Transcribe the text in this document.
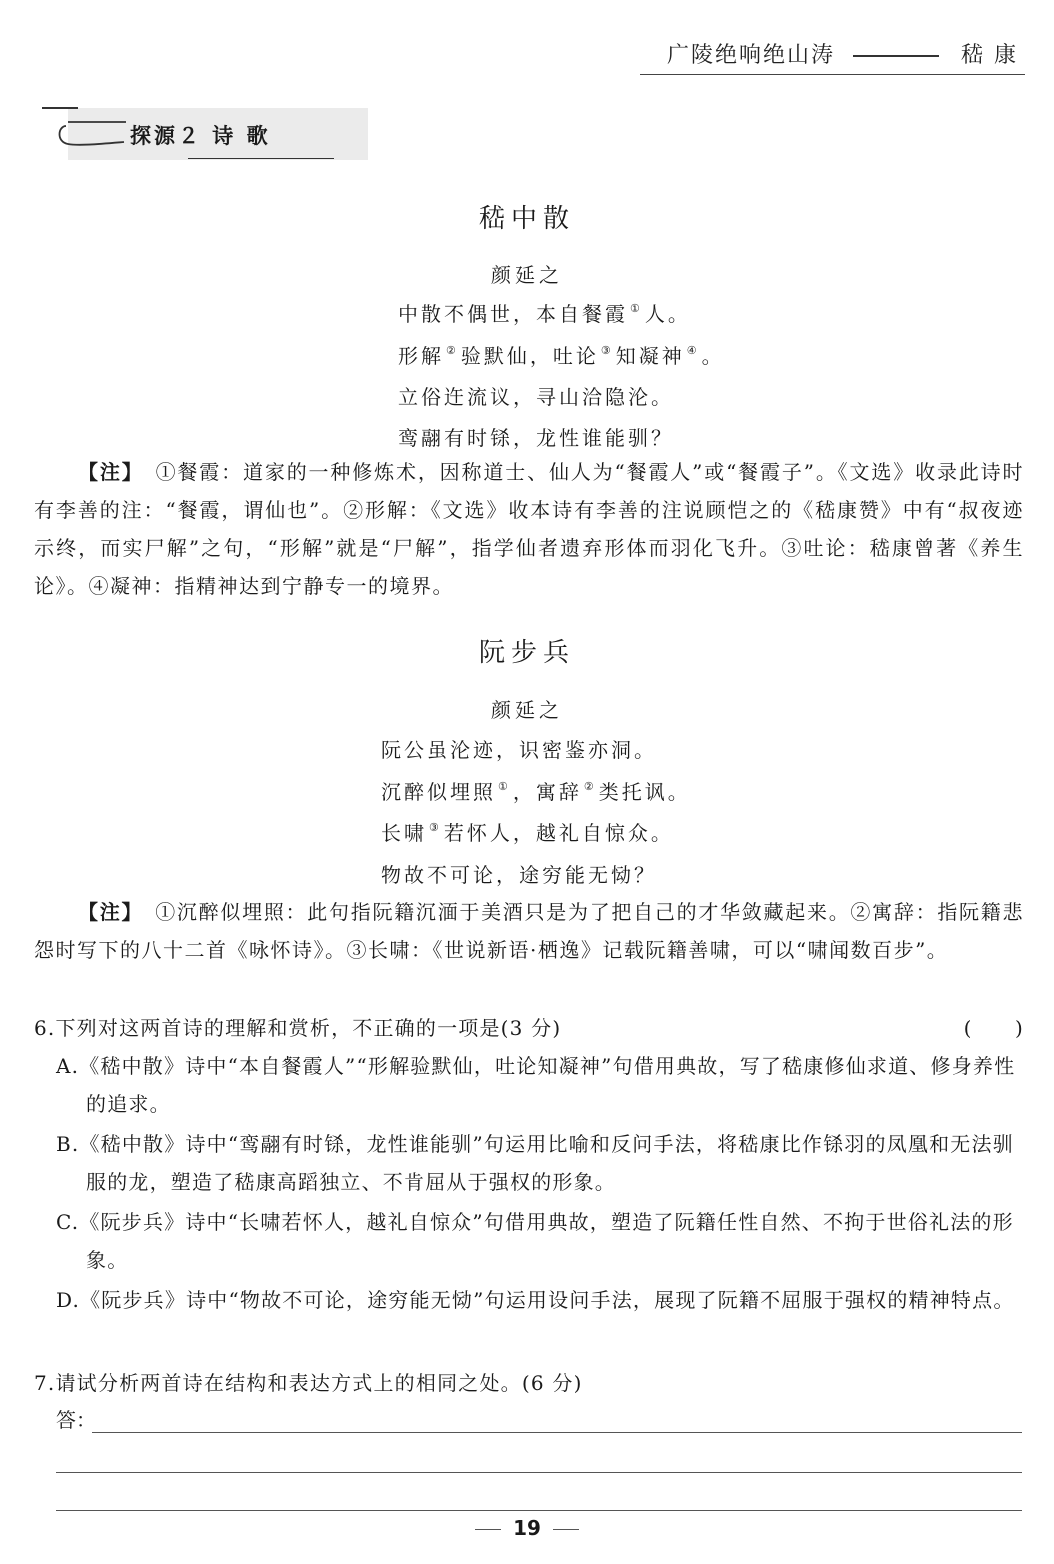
广陵绝响绝山涛	嵇 康
探源２ 诗 歌
嵇中散
颜延之
中散不偶世，本自餐霞 ① 人。
形解 ② 验默仙，吐论 ③ 知凝神 ④ 。
立俗迕流议，寻山洽隐沦。
鸾翮有时铩，龙性谁能驯？
【注】 ①餐霞：道家的一种修炼术，因称道士、仙人为“餐霞人”或“餐霞子”。《文选》收录此诗时有李善的注：“餐霞，谓仙也”。②形解：《文选》收本诗有李善的注说顾恺之的《嵇康赞》中有“叔夜迹示终，而实尸解”之句，“形解”就是“尸解”，指学仙者遗弃形体而羽化飞升。③吐论：嵇康曾著《养生论》。④凝神：指精神达到宁静专一的境界。
阮步兵
颜延之
阮公虽沦迹，识密鉴亦洞。
沉醉似埋照 ① ，寓辞 ② 类托讽。
长啸 ③ 若怀人，越礼自惊众。
物故不可论，途穷能无恸？
【注】 ①沉醉似埋照：此句指阮籍沉湎于美酒只是为了把自己的才华敛藏起来。②寓辞：指阮籍悲怨时写下的八十二首《咏怀诗》。③长啸：《世说新语·栖逸》记载阮籍善啸，可以“啸闻数百步”。
6.下列对这两首诗的理解和赏析，不正确的一项是(3 分)	(　　)
A.《嵇中散》诗中“本自餐霞人”“形解验默仙，吐论知凝神”句借用典故，写了嵇康修仙求道、修身养性的追求。
B.《嵇中散》诗中“鸾翮有时铩，龙性谁能驯”句运用比喻和反问手法，将嵇康比作铩羽的凤凰和无法驯服的龙，塑造了嵇康高蹈独立、不肯屈从于强权的形象。
C.《阮步兵》诗中“长啸若怀人，越礼自惊众”句借用典故，塑造了阮籍任性自然、不拘于世俗礼法的形象。
D.《阮步兵》诗中“物故不可论，途穷能无恸”句运用设问手法，展现了阮籍不屈服于强权的精神特点。
7.请试分析两首诗在结构和表达方式上的相同之处。(6 分)
答：
19
